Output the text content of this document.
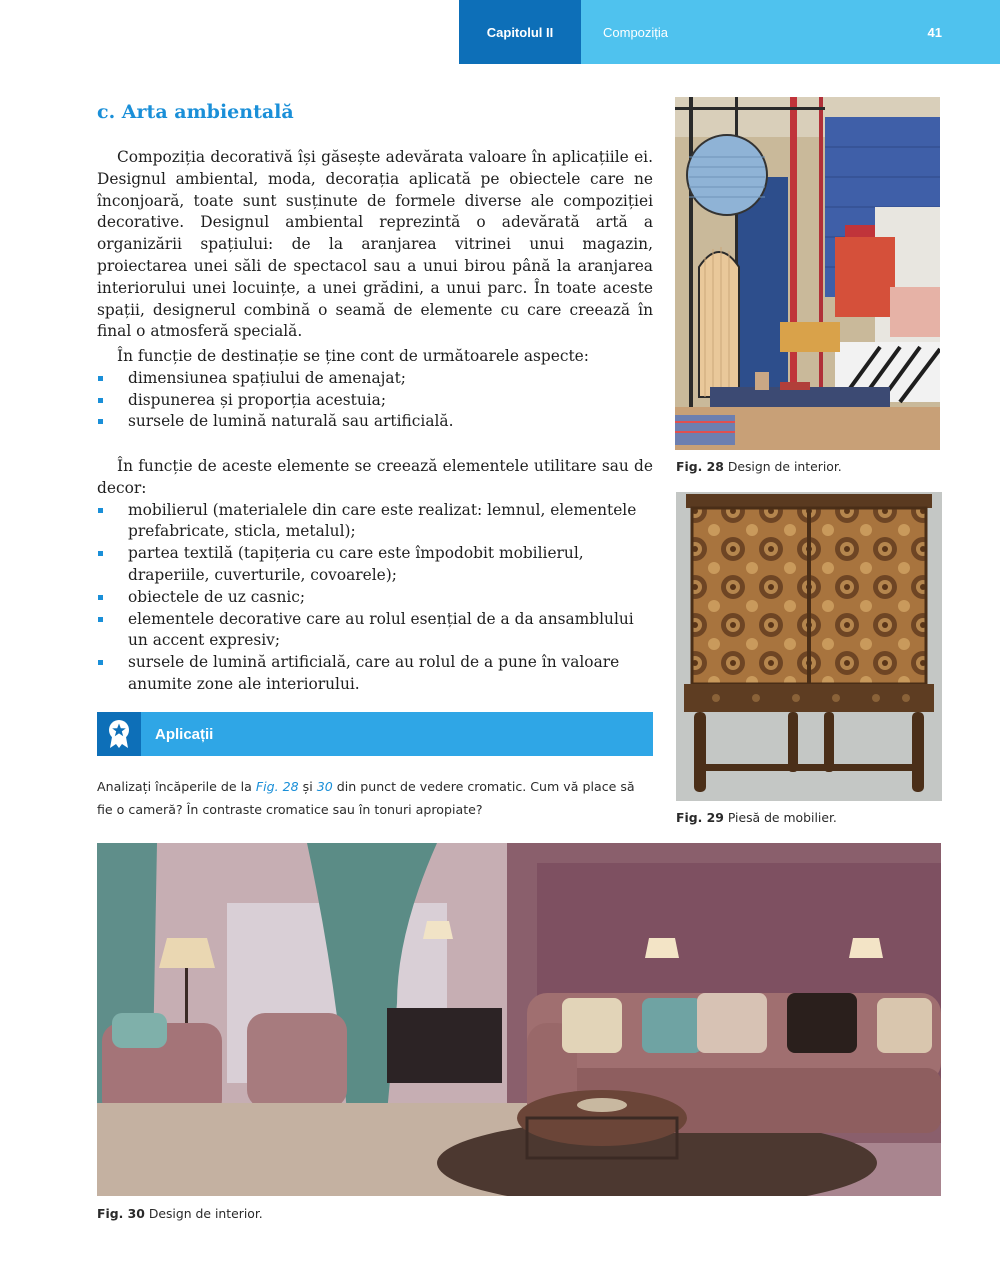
Capitolul II	Compoziția	41
c. Arta ambientală
Compoziția decorativă își găsește adevărata valoare în aplicațiile ei. Designul ambiental, moda, decorația aplicată pe obiectele care ne înconjoară, toate sunt susținute de formele diverse ale compoziției decorative. Designul ambiental reprezintă o adevărată artă a organizării spațiului: de la aranjarea vitrinei unui magazin, proiectarea unei săli de spectacol sau a unui birou până la aranjarea interiorului unei locuințe, a unei grădini, a unui parc. În toate aceste spații, designerul combină o seamă de elemente cu care creează în final o atmosferă specială.
În funcție de destinație se ține cont de următoarele aspecte:
dimensiunea spațiului de amenajat;
dispunerea și proporția acestuia;
sursele de lumină naturală sau artificială.
În funcție de aceste elemente se creează elementele utilitare sau de decor:
mobilierul (materialele din care este realizat: lemnul, elementele prefabricate, sticla, metalul);
partea textilă (tapițeria cu care este împodobit mobilierul, draperiile, cuverturile, covoarele);
obiectele de uz casnic;
elementele decorative care au rolul esențial de a da ansamblului un accent expresiv;
sursele de lumină artificială, care au rolul de a pune în valoare anumite zone ale interiorului.
Aplicații
Analizați încăperile de la Fig. 28 și 30 din punct de vedere cromatic. Cum vă place să fie o cameră? În contraste cromatice sau în tonuri apropiate?
Fig. 28 Design de interior.
Fig. 29 Piesă de mobilier.
Fig. 30 Design de interior.
